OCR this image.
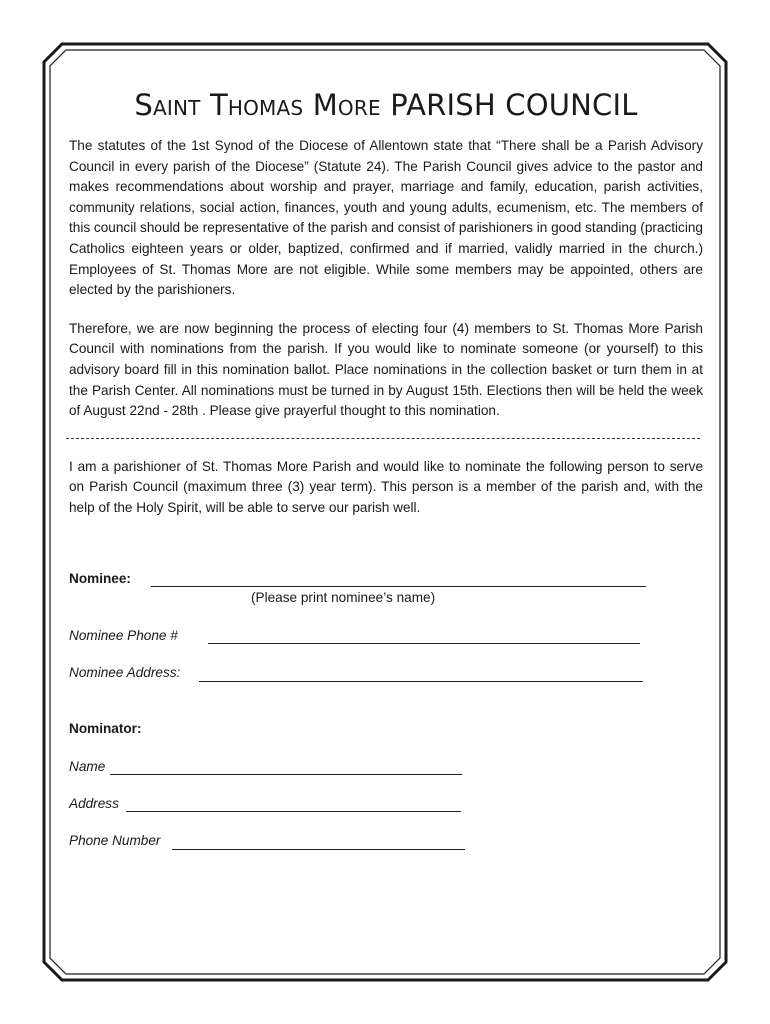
Saint Thomas More PARISH COUNCIL

The statutes of the 1st Synod of the Diocese of Allentown state that “There shall be a Parish Advisory Council in every parish of the Diocese” (Statute 24). The Parish Council gives advice to the pastor and makes recommendations about worship and prayer, marriage and family, education, parish activities, community relations, social action, finances, youth and young adults, ecumenism, etc. The members of this council should be representative of the parish and consist of parishioners in good standing (practicing Catholics eighteen years or older, baptized, confirmed and if married, validly married in the church.) Employees of St. Thomas More are not eligible. While some members may be appointed, others are elected by the parishioners.

Therefore, we are now beginning the process of electing four (4) members to St. Thomas More Parish Council with nominations from the parish. If you would like to nominate someone (or yourself) to this advisory board fill in this nomination ballot. Place nominations in the collection basket or turn them in at the Parish Center. All nominations must be turned in by August 15th. Elections then will be held the week of August 22nd - 28th . Please give prayerful thought to this nomination.

I am a parishioner of St. Thomas More Parish and would like to nominate the following person to serve on Parish Council (maximum three (3) year term). This person is a member of the parish and, with the help of the Holy Spirit, will be able to serve our parish well.

Nominee:
(Please print nominee’s name)
Nominee Phone #
Nominee Address:
Nominator:
Name
Address
Phone Number
